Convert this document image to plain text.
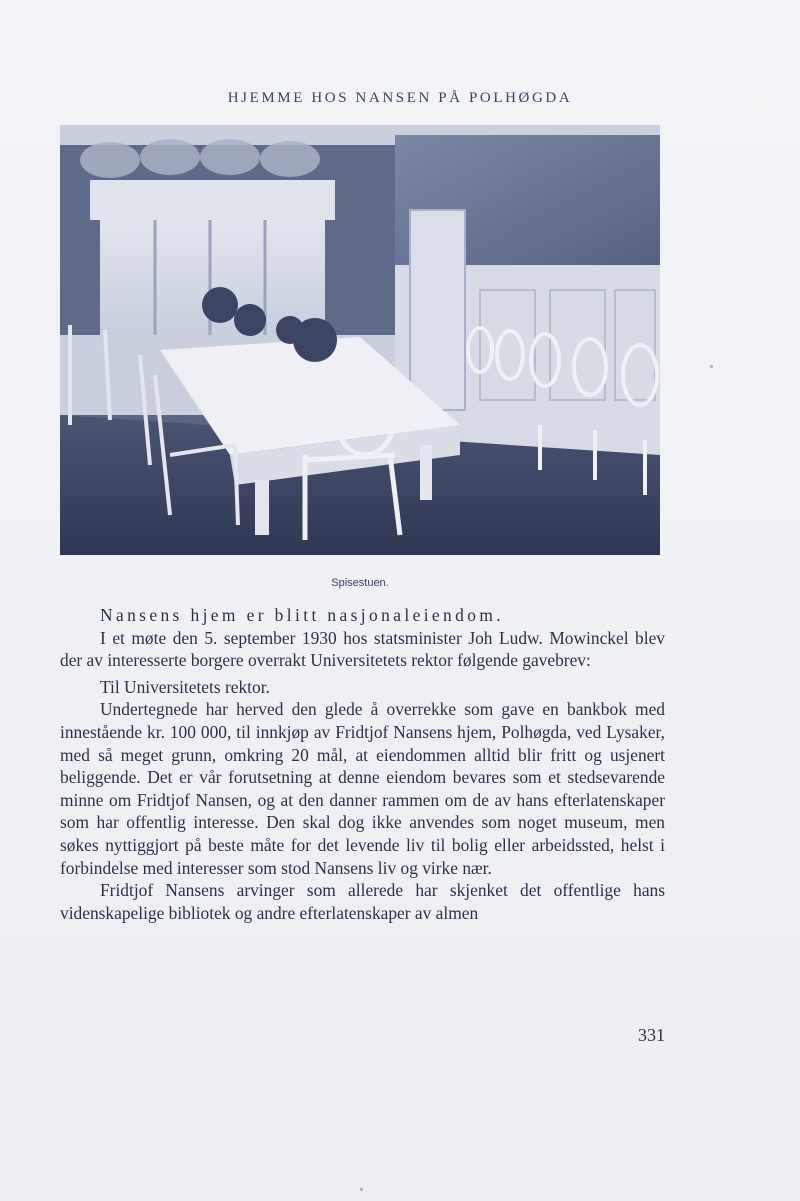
HJEMME HOS NANSEN PÅ POLHØGDA
Spisestuen.

Nansens hjem er blitt nasjonaleiendom.

I et møte den 5. september 1930 hos statsminister Joh Ludw. Mowinckel blev der av interesserte borgere overrakt Universitetets rektor følgende gavebrev:

Til Universitetets rektor.

Undertegnede har herved den glede å overrekke som gave en bankbok med innestående kr. 100 000, til innkjøp av Fridtjof Nansens hjem, Polhøgda, ved Lysaker, med så meget grunn, omkring 20 mål, at eiendommen alltid blir fritt og usjenert beliggende. Det er vår forutsetning at denne eiendom bevares som et stedsevarende minne om Fridtjof Nansen, og at den danner rammen om de av hans efterlatenskaper som har offentlig interesse. Den skal dog ikke anvendes som noget museum, men søkes nyttiggjort på beste måte for det levende liv til bolig eller arbeidssted, helst i forbindelse med interesser som stod Nansens liv og virke nær.

Fridtjof Nansens arvinger som allerede har skjenket det offentlige hans videnskapelige bibliotek og andre efterlatenskaper av almen

331
